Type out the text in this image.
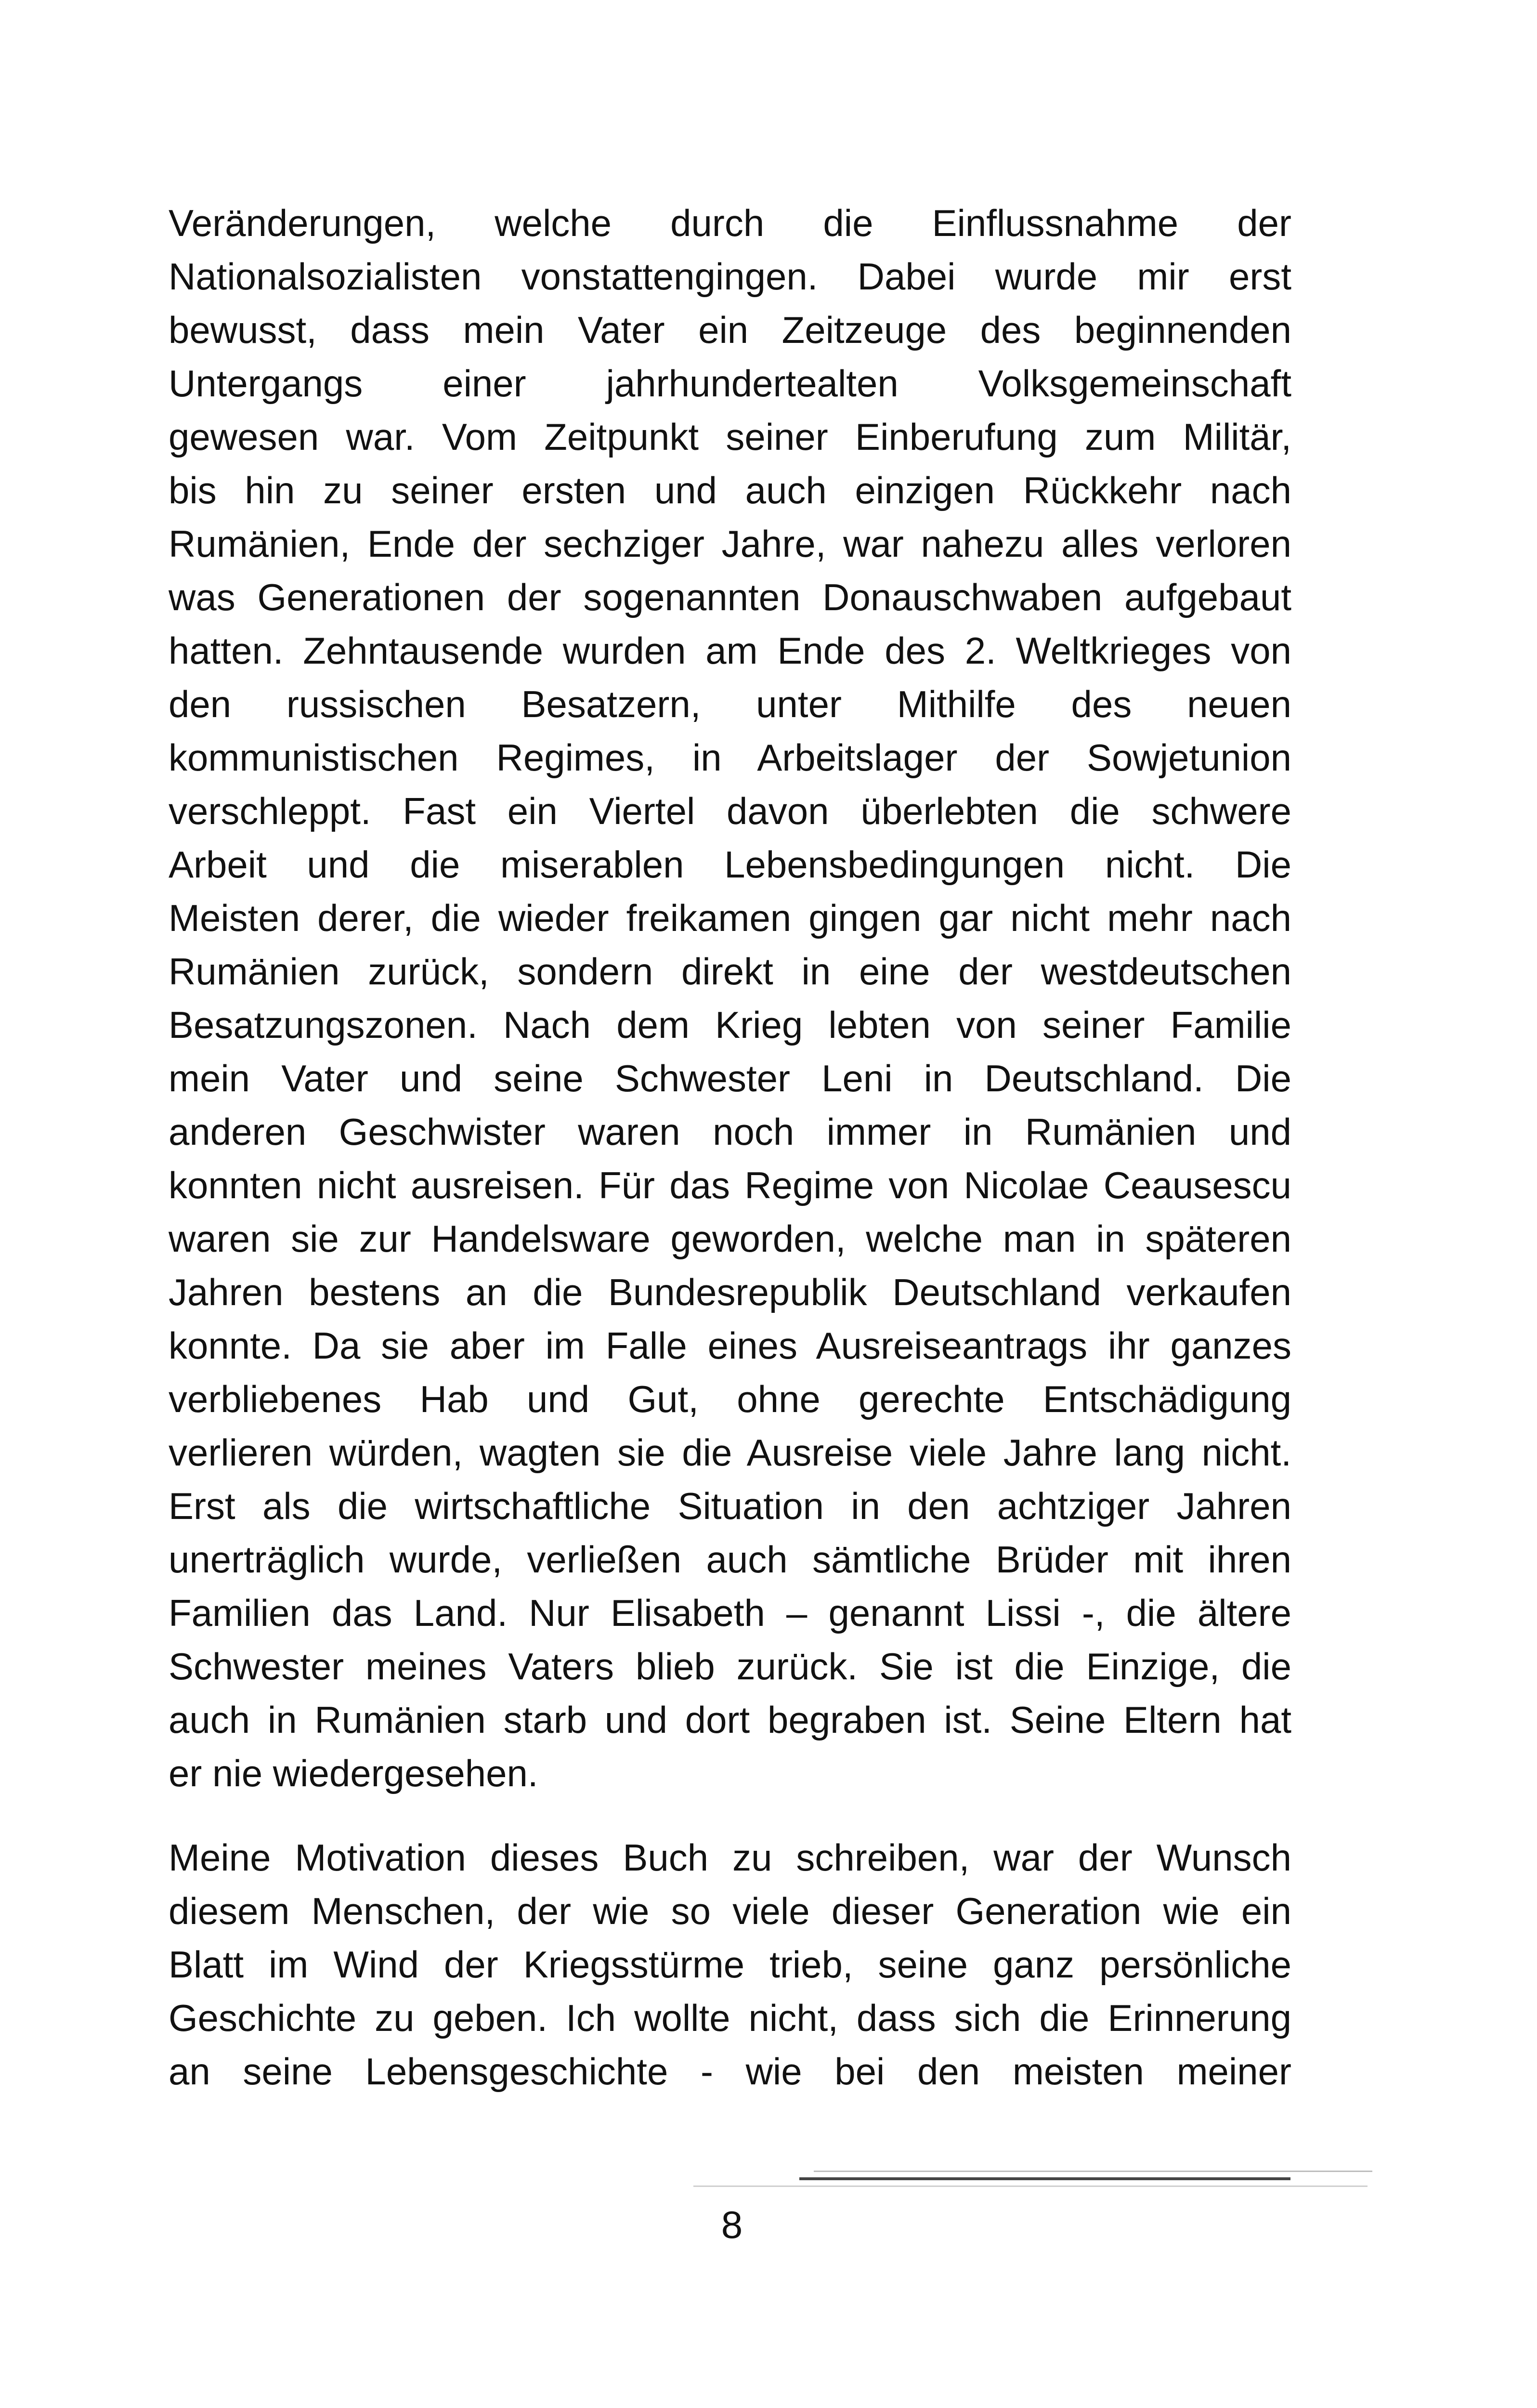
Veränderungen, welche durch die Einflussnahme der
Nationalsozialisten vonstattengingen. Dabei wurde mir erst
bewusst, dass mein Vater ein Zeitzeuge des beginnenden
Untergangs einer jahrhundertealten Volksgemeinschaft
gewesen war. Vom Zeitpunkt seiner Einberufung zum Militär,
bis hin zu seiner ersten und auch einzigen Rückkehr nach
Rumänien, Ende der sechziger Jahre, war nahezu alles verloren
was Generationen der sogenannten Donauschwaben aufgebaut
hatten. Zehntausende wurden am Ende des 2. Weltkrieges von
den russischen Besatzern, unter Mithilfe des neuen
kommunistischen Regimes, in Arbeitslager der Sowjetunion
verschleppt. Fast ein Viertel davon überlebten die schwere
Arbeit und die miserablen Lebensbedingungen nicht. Die
Meisten derer, die wieder freikamen gingen gar nicht mehr nach
Rumänien zurück, sondern direkt in eine der westdeutschen
Besatzungszonen. Nach dem Krieg lebten von seiner Familie
mein Vater und seine Schwester Leni in Deutschland. Die
anderen Geschwister waren noch immer in Rumänien und
konnten nicht ausreisen. Für das Regime von Nicolae Ceausescu
waren sie zur Handelsware geworden, welche man in späteren
Jahren bestens an die Bundesrepublik Deutschland verkaufen
konnte. Da sie aber im Falle eines Ausreiseantrags ihr ganzes
verbliebenes Hab und Gut, ohne gerechte Entschädigung
verlieren würden, wagten sie die Ausreise viele Jahre lang nicht.
Erst als die wirtschaftliche Situation in den achtziger Jahren
unerträglich wurde, verließen auch sämtliche Brüder mit ihren
Familien das Land. Nur Elisabeth – genannt Lissi -, die ältere
Schwester meines Vaters blieb zurück. Sie ist die Einzige, die
auch in Rumänien starb und dort begraben ist. Seine Eltern hat
er nie wiedergesehen.
Meine Motivation dieses Buch zu schreiben, war der Wunsch
diesem Menschen, der wie so viele dieser Generation wie ein
Blatt im Wind der Kriegsstürme trieb, seine ganz persönliche
Geschichte zu geben. Ich wollte nicht, dass sich die Erinnerung
an seine Lebensgeschichte - wie bei den meisten meiner
8
